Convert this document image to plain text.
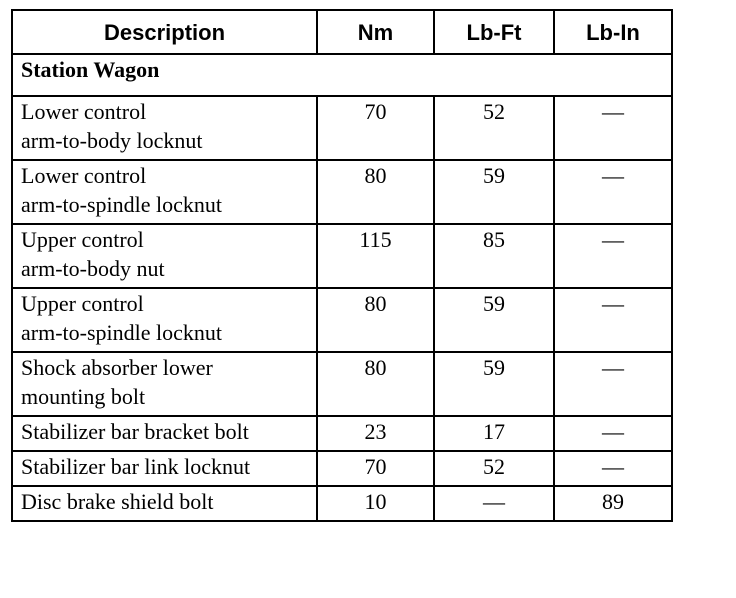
Description	Nm	Lb-Ft	Lb-In
Station Wagon			
Lower control
arm-to-body locknut	70	52	—
Lower control
arm-to-spindle locknut	80	59	—
Upper control
arm-to-body nut	115	85	—
Upper control
arm-to-spindle locknut	80	59	—
Shock absorber lower
mounting bolt	80	59	—
Stabilizer bar bracket bolt	23	17	—
Stabilizer bar link locknut	70	52	—
Disc brake shield bolt	10	—	89
